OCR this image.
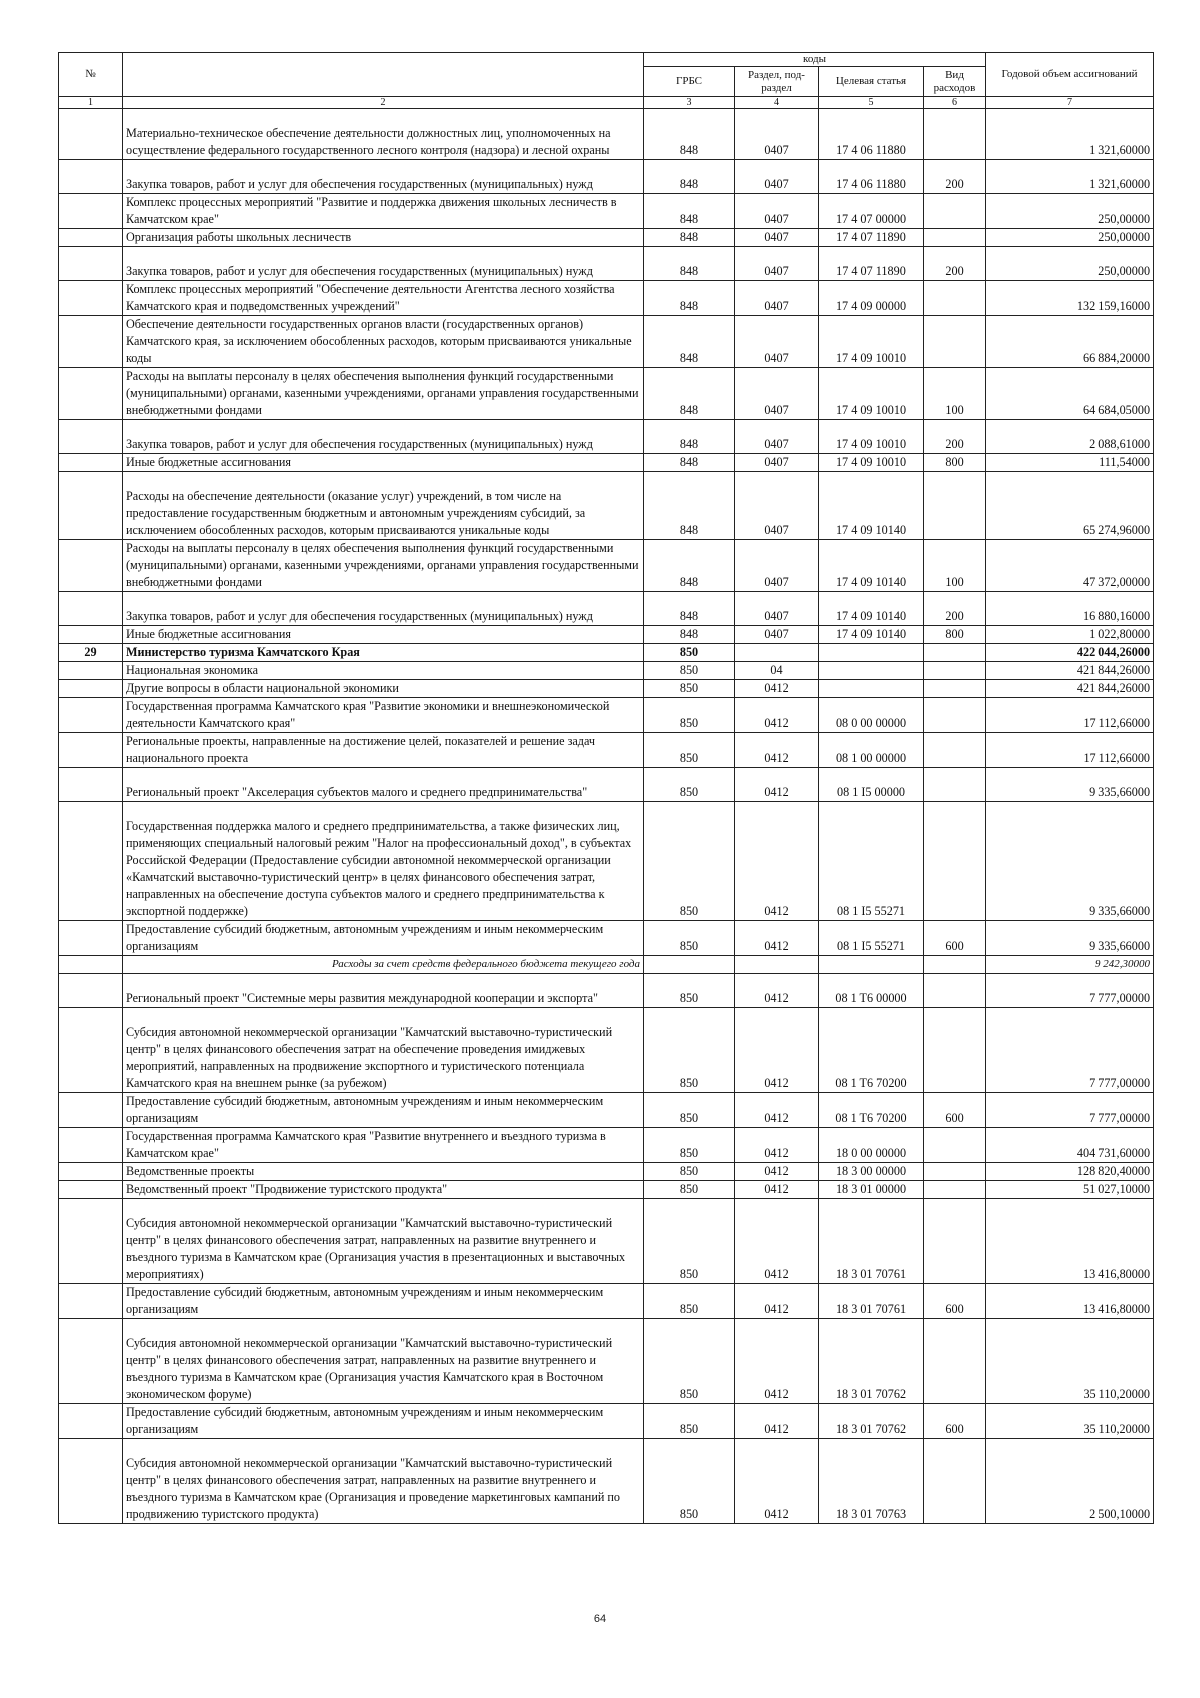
№		коды				Годовой объем ассигнований
		ГРБС	Раздел, под-раздел	Целевая статья	Вид расходов	
1	2	3	4	5	6	7
	Материально-техническое обеспечение деятельности должностных лиц, уполномоченных на осуществление федерального государственного лесного контроля (надзора) и лесной охраны	848	0407	17 4 06 11880		1 321,60000
	Закупка товаров, работ и услуг для обеспечения государственных (муниципальных) нужд	848	0407	17 4 06 11880	200	1 321,60000
	Комплекс процессных мероприятий "Развитие и поддержка движения школьных лесничеств в Камчатском крае"	848	0407	17 4 07 00000		250,00000
	Организация работы школьных лесничеств	848	0407	17 4 07 11890		250,00000
	Закупка товаров, работ и услуг для обеспечения государственных (муниципальных) нужд	848	0407	17 4 07 11890	200	250,00000
	Комплекс процессных мероприятий "Обеспечение деятельности Агентства лесного хозяйства Камчатского края и подведомственных учреждений"	848	0407	17 4 09 00000		132 159,16000
	Обеспечение деятельности государственных органов власти (государственных органов) Камчатского края, за исключением обособленных расходов, которым присваиваются уникальные коды	848	0407	17 4 09 10010		66 884,20000
	Расходы на выплаты персоналу в целях обеспечения выполнения функций государственными (муниципальными) органами, казенными учреждениями, органами управления государственными внебюджетными фондами	848	0407	17 4 09 10010	100	64 684,05000
	Закупка товаров, работ и услуг для обеспечения государственных (муниципальных) нужд	848	0407	17 4 09 10010	200	2 088,61000
	Иные бюджетные ассигнования	848	0407	17 4 09 10010	800	111,54000
	Расходы на обеспечение деятельности (оказание услуг) учреждений, в том числе на предоставление государственным бюджетным и автономным учреждениям субсидий, за исключением обособленных расходов, которым присваиваются уникальные коды	848	0407	17 4 09 10140		65 274,96000
	Расходы на выплаты персоналу в целях обеспечения выполнения функций государственными (муниципальными) органами, казенными учреждениями, органами управления государственными внебюджетными фондами	848	0407	17 4 09 10140	100	47 372,00000
	Закупка товаров, работ и услуг для обеспечения государственных (муниципальных) нужд	848	0407	17 4 09 10140	200	16 880,16000
	Иные бюджетные ассигнования	848	0407	17 4 09 10140	800	1 022,80000
29	Министерство туризма Камчатского Края	850				422 044,26000
	Национальная экономика	850	04			421 844,26000
	Другие вопросы в области национальной экономики	850	0412			421 844,26000
	Государственная программа Камчатского края "Развитие экономики и внешнеэкономической деятельности Камчатского края"	850	0412	08 0 00 00000		17 112,66000
	Региональные проекты, направленные на достижение целей, показателей и решение задач национального проекта	850	0412	08 1 00 00000		17 112,66000
	Региональный проект "Акселерация субъектов малого и среднего предпринимательства"	850	0412	08 1 I5 00000		9 335,66000
	Государственная поддержка малого и среднего предпринимательства, а также физических лиц, применяющих специальный налоговый режим "Налог на профессиональный доход", в субъектах Российской Федерации (Предоставление субсидии автономной некоммерческой организации «Камчатский выставочно-туристический центр» в целях финансового обеспечения затрат, направленных на обеспечение доступа субъектов малого и среднего предпринимательства к экспортной поддержке)	850	0412	08 1 I5 55271		9 335,66000
	Предоставление субсидий бюджетным, автономным учреждениям и иным некоммерческим организациям	850	0412	08 1 I5 55271	600	9 335,66000
	Расходы за счет средств федерального бюджета текущего года					9 242,30000
	Региональный проект "Системные меры развития международной кооперации и экспорта"	850	0412	08 1 T6 00000		7 777,00000
	Субсидия автономной некоммерческой организации "Камчатский выставочно-туристический центр" в целях финансового обеспечения затрат на обеспечение проведения имиджевых мероприятий, направленных на продвижение экспортного и туристического потенциала Камчатского края на внешнем рынке (за рубежом)	850	0412	08 1 T6 70200		7 777,00000
	Предоставление субсидий бюджетным, автономным учреждениям и иным некоммерческим организациям	850	0412	08 1 T6 70200	600	7 777,00000
	Государственная программа Камчатского края "Развитие внутреннего и въездного туризма в Камчатском крае"	850	0412	18 0 00 00000		404 731,60000
	Ведомственные проекты	850	0412	18 3 00 00000		128 820,40000
	Ведомственный проект "Продвижение туристского продукта"	850	0412	18 3 01 00000		51 027,10000
	Субсидия автономной некоммерческой организации "Камчатский выставочно-туристический центр" в целях финансового обеспечения затрат, направленных на развитие внутреннего и въездного туризма в Камчатском крае (Организация участия в презентационных и выставочных мероприятиях)	850	0412	18 3 01 70761		13 416,80000
	Предоставление субсидий бюджетным, автономным учреждениям и иным некоммерческим организациям	850	0412	18 3 01 70761	600	13 416,80000
	Субсидия автономной некоммерческой организации "Камчатский выставочно-туристический центр" в целях финансового обеспечения затрат, направленных на развитие внутреннего и въездного туризма в Камчатском крае (Организация участия Камчатского края в Восточном экономическом форуме)	850	0412	18 3 01 70762		35 110,20000
	Предоставление субсидий бюджетным, автономным учреждениям и иным некоммерческим организациям	850	0412	18 3 01 70762	600	35 110,20000
	Субсидия автономной некоммерческой организации "Камчатский выставочно-туристический центр" в целях финансового обеспечения затрат, направленных на развитие внутреннего и въездного туризма в Камчатском крае (Организация и проведение маркетинговых кампаний по продвижению туристского продукта)	850	0412	18 3 01 70763		2 500,10000
64
